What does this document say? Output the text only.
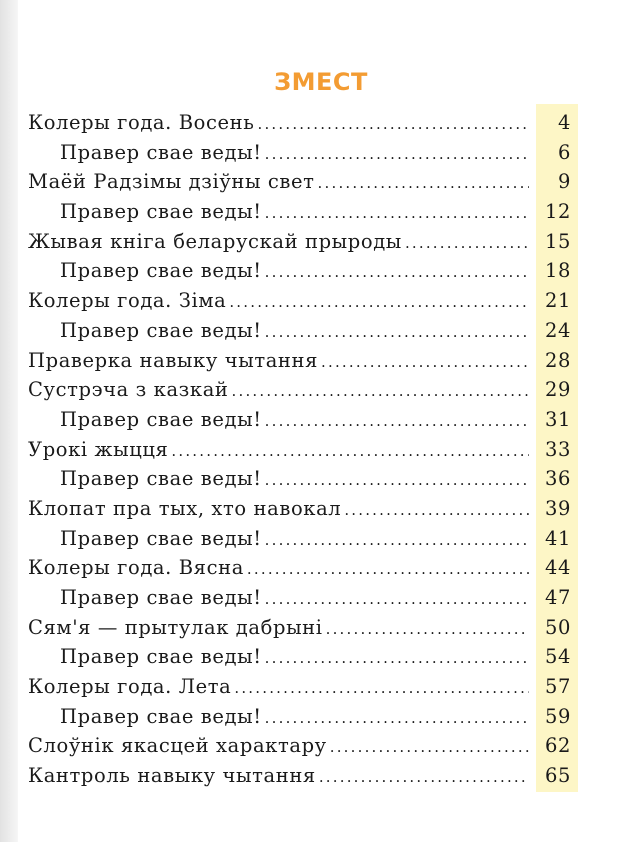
ЗМЕСТ
Колеры года. Восень .....	4
Правер свае веды! .....	6
Маёй Радзімы дзіўны свет .....	9
Правер свае веды! .....	12
Жывая кніга беларускай прыроды .....	15
Правер свае веды! .....	18
Колеры года. Зіма .....	21
Правер свае веды! .....	24
Праверка навыку чытання .....	28
Сустрэча з казкай .....	29
Правер свае веды! .....	31
Урокі жыцця .....	33
Правер свае веды! .....	36
Клопат пра тых, хто навокал .....	39
Правер свае веды! .....	41
Колеры года. Вясна .....	44
Правер свае веды! .....	47
Сям'я — прытулак дабрыні .....	50
Правер свае веды! .....	54
Колеры года. Лета .....	57
Правер свае веды! .....	59
Слоўнік якасцей характару .....	62
Кантроль навыку чытання .....	65
